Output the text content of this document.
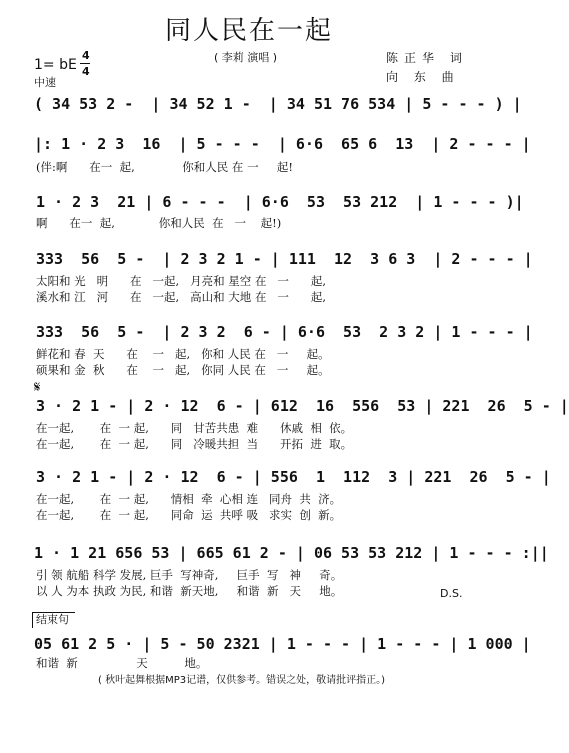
同人民在一起
( 李莉 演唱 )	陈正华 词
向 东 曲
1= bE
4
4
中速
( 34 53 2 -  | 34 52 1 -  | 34 51 76 534 | 5 - - - ) |
|: 1 · 2 3  16  | 5 - - -  | 6·6  65 6  13  | 2 - - - |
(伴:啊      在一  起,             你和人民 在 一     起!
1 · 2 3  21 | 6 - - -  | 6·6  53  53 212  | 1 - - - )|
啊      在一  起,            你和人民  在   一    起!)
333  56  5 -  | 2 3 2 1 - | 111  12  3 6 3  | 2 - - - |
太阳和 光   明      在   一起,   月亮和 星空 在   一      起,
溪水和 江   河      在   一起,   高山和 大地 在   一      起,
333  56  5 -  | 2 3 2  6 - | 6·6  53  2 3 2 | 1 - - - |
鲜花和 春  天      在    一   起,   你和 人民 在   一     起。
硕果和 金  秋      在    一   起,   你同 人民 在   一     起。
𝄋
3 · 2 1 - | 2 · 12  6 - | 612  16  556  53 | 221  26  5 - |
在一起,       在  一 起,      同   甘苦共患  难      休戚  相  依。
在一起,       在  一 起,      同   冷暖共担  当      开拓  进  取。
3 · 2 1 - | 2 · 12  6 - | 556  1  112  3 | 221  26  5 - |
在一起,       在  一 起,      情相  牵  心相 连   同舟  共  济。
在一起,       在  一 起,      同命  运  共呼 吸   求实  创  新。
1 · 1 21 656 53 | 665 61 2 - | 06 53 53 212 | 1 - - - :||
引 领 航船 科学 发展, 巨手  写神奇,     巨手  写   神     奇。
以 人 为本 执政 为民, 和谐  新天地,     和谐  新   天     地。	D.S.
结束句
05 61 2 5 · | 5 - 50 2321 | 1 - - - | 1 - - - | 1 000 |
和谐  新                天          地。
( 秋叶起舞根据MP3记谱，仅供参考。错误之处，敬请批评指正。)
